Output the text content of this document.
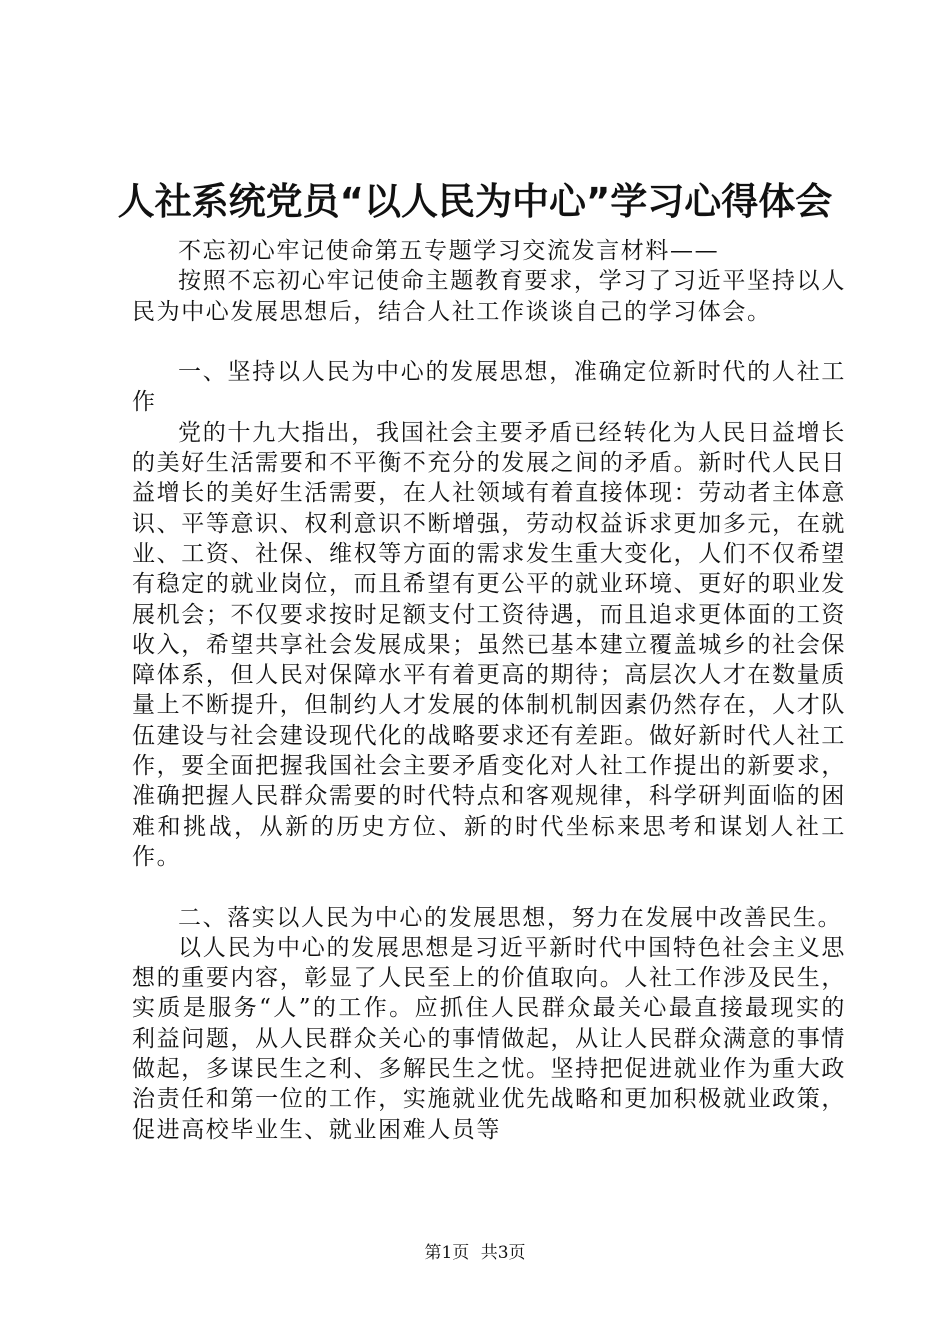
人社系统党员“以人民为中心”学习心得体会

不忘初心牢记使命第五专题学习交流发言材料——

按照不忘初心牢记使命主题教育要求，学习了习近平坚持以人民为中心发展思想后，结合人社工作谈谈自己的学习体会。

一、坚持以人民为中心的发展思想，准确定位新时代的人社工作

党的十九大指出，我国社会主要矛盾已经转化为人民日益增长的美好生活需要和不平衡不充分的发展之间的矛盾。新时代人民日益增长的美好生活需要，在人社领域有着直接体现：劳动者主体意识、平等意识、权利意识不断增强，劳动权益诉求更加多元，在就业、工资、社保、维权等方面的需求发生重大变化，人们不仅希望有稳定的就业岗位，而且希望有更公平的就业环境、更好的职业发展机会；不仅要求按时足额支付工资待遇，而且追求更体面的工资收入，希望共享社会发展成果；虽然已基本建立覆盖城乡的社会保障体系，但人民对保障水平有着更高的期待；高层次人才在数量质量上不断提升，但制约人才发展的体制机制因素仍然存在，人才队伍建设与社会建设现代化的战略要求还有差距。做好新时代人社工作，要全面把握我国社会主要矛盾变化对人社工作提出的新要求，准确把握人民群众需要的时代特点和客观规律，科学研判面临的困难和挑战，从新的历史方位、新的时代坐标来思考和谋划人社工作。

二、落实以人民为中心的发展思想，努力在发展中改善民生。

以人民为中心的发展思想是习近平新时代中国特色社会主义思想的重要内容，彰显了人民至上的价值取向。人社工作涉及民生，实质是服务“人”的工作。应抓住人民群众最关心最直接最现实的利益问题，从人民群众关心的事情做起，从让人民群众满意的事情做起，多谋民生之利、多解民生之忧。坚持把促进就业作为重大政治责任和第一位的工作，实施就业优先战略和更加积极就业政策，促进高校毕业生、就业困难人员等

第1页 共3页
